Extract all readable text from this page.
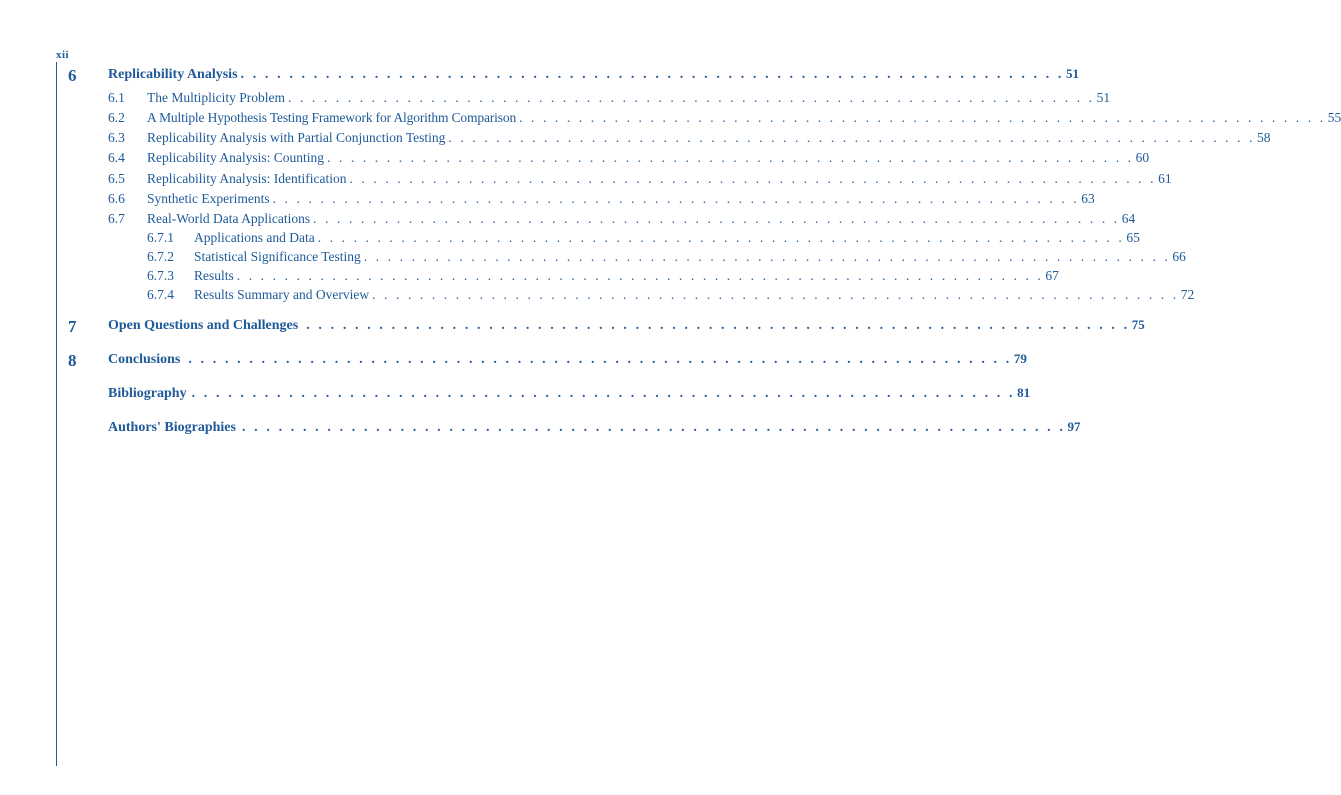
xii
6 Replicability Analysis . . . . . . . . . . . . . . . . . . . . . . . . . . . . . . . . . . . . . . . . . . . . . . . . . . . . . . . . . . . . . . . . . . . . 51
6.1 The Multiplicity Problem . . . . . . . . . . . . . . . . . . . . . . . . . . . . . . . . . . . . . . . . . . . . . . . . . . . . . . . . . . . . . . . . . . . . 51
6.2 A Multiple Hypothesis Testing Framework for Algorithm Comparison . . . . . . . . . . . . . . . . . . . . . . . . . . . . . . . . . . . . . . . . . . . . . . . . . . . . . . . . . . . . . . . . . . . . 55
6.3 Replicability Analysis with Partial Conjunction Testing . . . . . . . . . . . . . . . . . . . . . . . . . . . . . . . . . . . . . . . . . . . . . . . . . . . . . . . . . . . . . . . . . . . . 58
6.4 Replicability Analysis: Counting . . . . . . . . . . . . . . . . . . . . . . . . . . . . . . . . . . . . . . . . . . . . . . . . . . . . . . . . . . . . . . . . . . . . 60
6.5 Replicability Analysis: Identification . . . . . . . . . . . . . . . . . . . . . . . . . . . . . . . . . . . . . . . . . . . . . . . . . . . . . . . . . . . . . . . . . . . . 61
6.6 Synthetic Experiments . . . . . . . . . . . . . . . . . . . . . . . . . . . . . . . . . . . . . . . . . . . . . . . . . . . . . . . . . . . . . . . . . . . . 63
6.7 Real-World Data Applications . . . . . . . . . . . . . . . . . . . . . . . . . . . . . . . . . . . . . . . . . . . . . . . . . . . . . . . . . . . . . . . . . . . . 64
6.7.1 Applications and Data . . . . . . . . . . . . . . . . . . . . . . . . . . . . . . . . . . . . . . . . . . . . . . . . . . . . . . . . . . . . . . . . . . . . 65
6.7.2 Statistical Significance Testing . . . . . . . . . . . . . . . . . . . . . . . . . . . . . . . . . . . . . . . . . . . . . . . . . . . . . . . . . . . . . . . . . . . . 66
6.7.3 Results . . . . . . . . . . . . . . . . . . . . . . . . . . . . . . . . . . . . . . . . . . . . . . . . . . . . . . . . . . . . . . . . . . . . 67
6.7.4 Results Summary and Overview . . . . . . . . . . . . . . . . . . . . . . . . . . . . . . . . . . . . . . . . . . . . . . . . . . . . . . . . . . . . . . . . . . . . 72
7 Open Questions and Challenges . . . . . . . . . . . . . . . . . . . . . . . . . . . . . . . . . . . . . . . . . . . . . . . . . . . . . . . . . . . . . . . . . . . . 75
8 Conclusions . . . . . . . . . . . . . . . . . . . . . . . . . . . . . . . . . . . . . . . . . . . . . . . . . . . . . . . . . . . . . . . . . . . . 79
Bibliography . . . . . . . . . . . . . . . . . . . . . . . . . . . . . . . . . . . . . . . . . . . . . . . . . . . . . . . . . . . . . . . . . . . . 81
Authors' Biographies . . . . . . . . . . . . . . . . . . . . . . . . . . . . . . . . . . . . . . . . . . . . . . . . . . . . . . . . . . . . . . . . . . . . 97
